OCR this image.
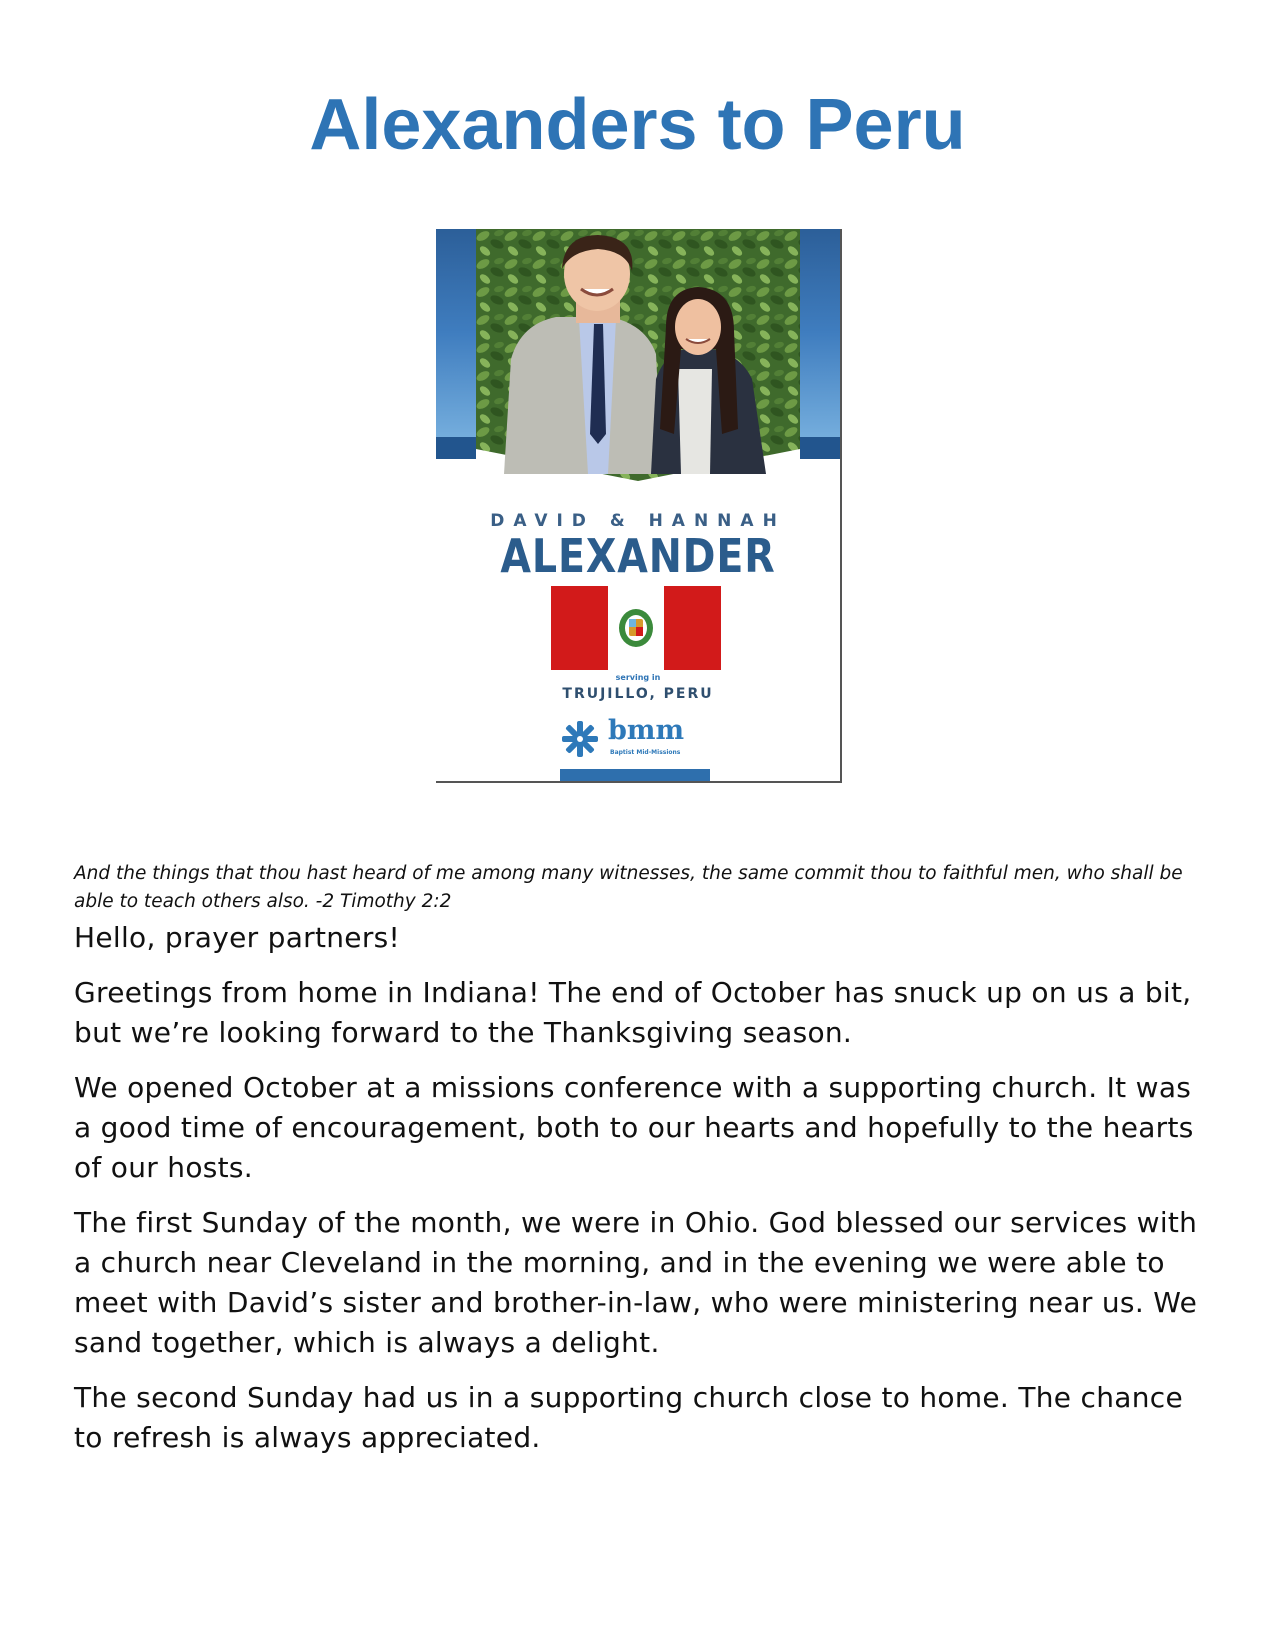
Alexanders to Peru
DAVID & HANNAH
ALEXANDER
serving in
TRUJILLO, PERU
bmm
Baptist Mid-Missions

And the things that thou hast heard of me among many witnesses, the same commit thou to faithful men, who shall be able to teach others also. -2 Timothy 2:2

Hello, prayer partners!

Greetings from home in Indiana! The end of October has snuck up on us a bit, but we’re looking forward to the Thanksgiving season.

We opened October at a missions conference with a supporting church. It was a good time of encouragement, both to our hearts and hopefully to the hearts of our hosts.

The first Sunday of the month, we were in Ohio. God blessed our services with a church near Cleveland in the morning, and in the evening we were able to meet with David’s sister and brother-in-law, who were ministering near us. We sand together, which is always a delight.

The second Sunday had us in a supporting church close to home. The chance to refresh is always appreciated.
